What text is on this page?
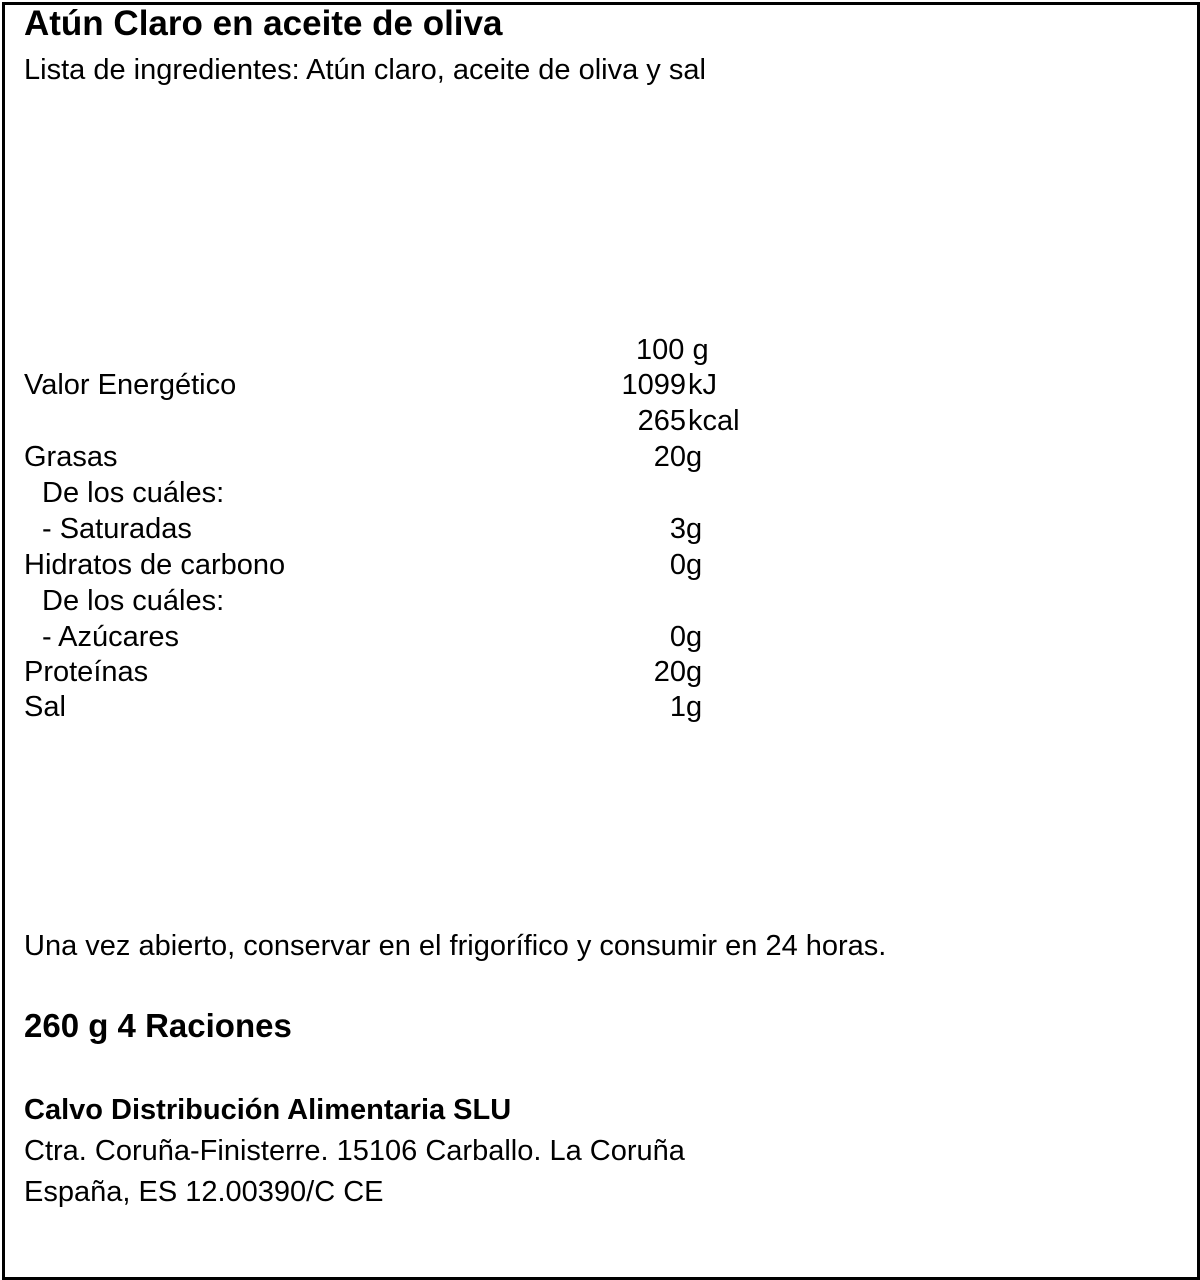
Atún Claro en aceite de oliva
Lista de ingredientes: Atún claro, aceite de oliva y sal
100 g
Valor Energético	1099 kJ
265 kcal
Grasas	20 g
De los cuáles:
- Saturadas	3 g
Hidratos de carbono	0 g
De los cuáles:
- Azúcares	0 g
Proteínas	20 g
Sal	1 g
Una vez abierto, conservar en el frigorífico y consumir en 24 horas.
260 g 4 Raciones
Calvo Distribución Alimentaria SLU
Ctra. Coruña-Finisterre. 15106 Carballo. La Coruña
España, ES 12.00390/C CE
